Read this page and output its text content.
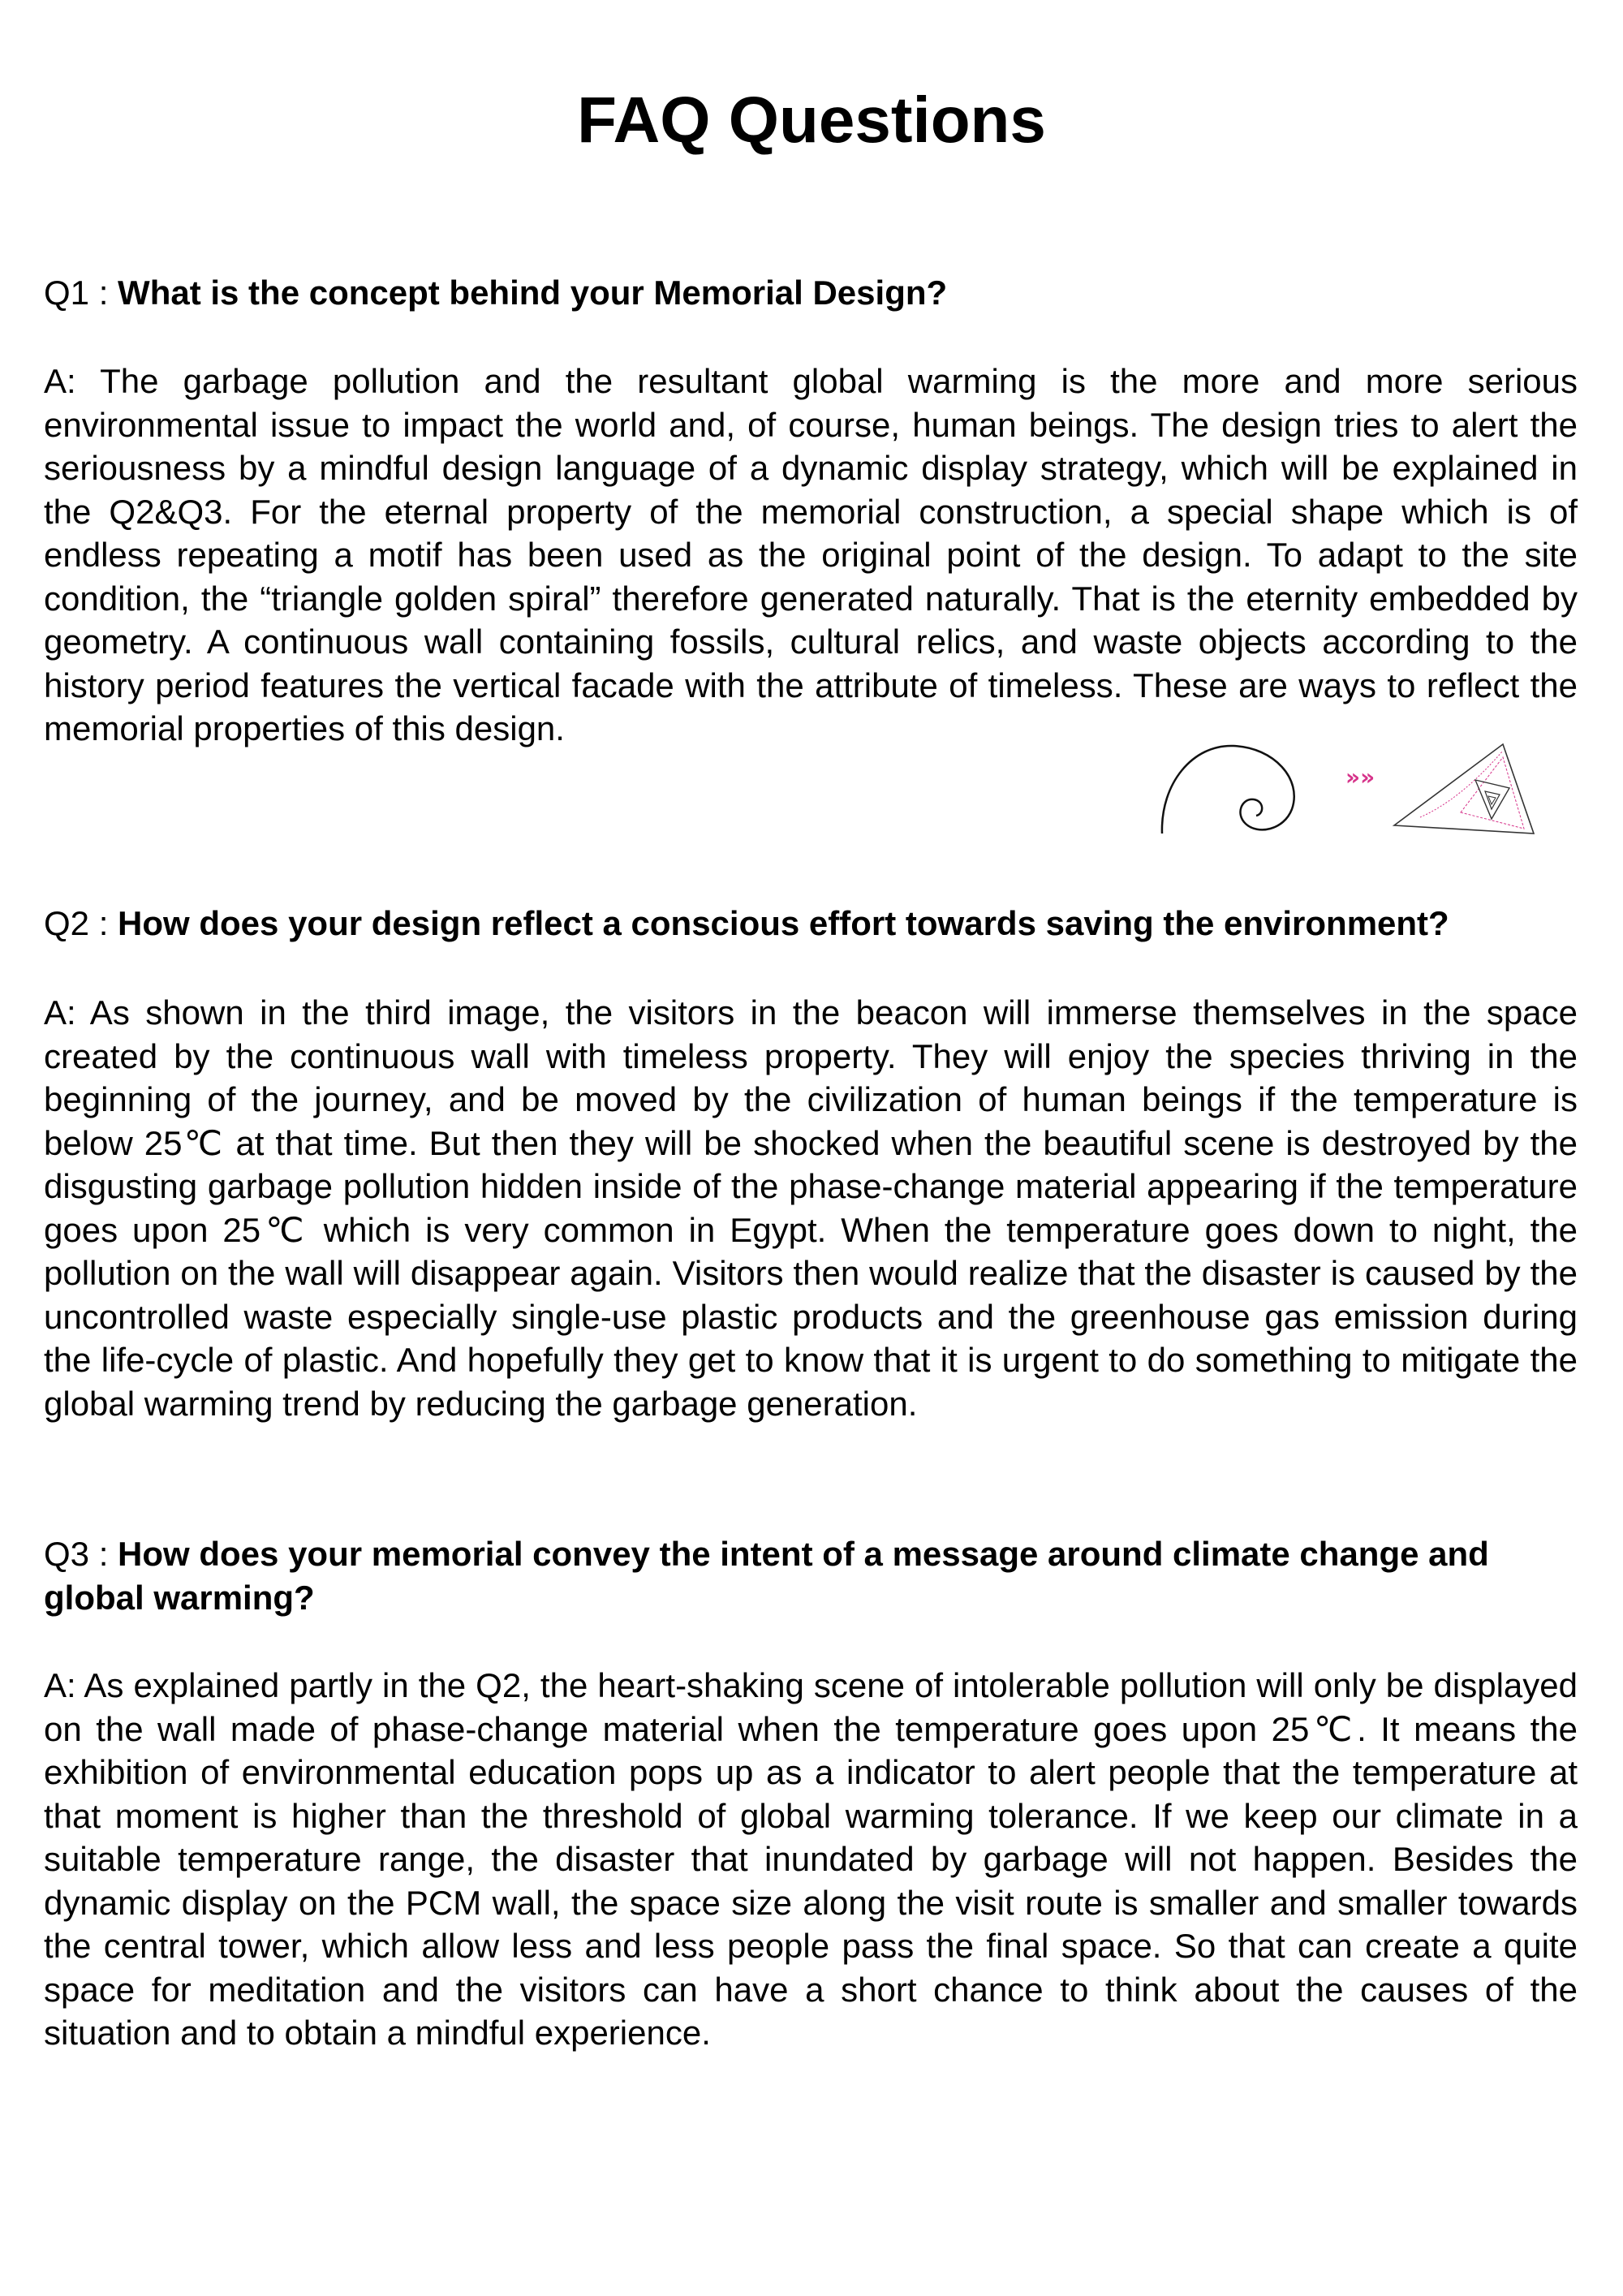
FAQ Questions

Q1 : What is the concept behind your Memorial Design?

A: The garbage pollution and the resultant global warming is the more and more serious environmental issue to impact the world and, of course, human beings. The design tries to alert the seriousness by a mindful design language of a dynamic display strategy, which will be explained in the Q2&Q3. For the eternal property of the memorial construction, a special shape which is of endless repeating a motif has been used as the original point of the design. To adapt to the site condition, the “triangle golden spiral” therefore generated naturally. That is the eternity embedded by geometry. A continuous wall containing fossils, cultural relics, and waste objects according to the history period features the vertical facade with the attribute of timeless. These are ways to reflect the memorial properties of this design.

»»

Q2 : How does your design reflect a conscious effort towards saving the environment?

A: As shown in the third image, the visitors in the beacon will immerse themselves in the space created by the continuous wall with timeless property. They will enjoy the species thriving in the beginning of the journey, and be moved by the civilization of human beings if the temperature is below 25℃ at that time. But then they will be shocked when the beautiful scene is destroyed by the disgusting garbage pollution hidden inside of the phase-change material appearing if the temperature goes upon 25℃ which is very common in Egypt. When the temperature goes down to night, the pollution on the wall will disappear again. Visitors then would realize that the disaster is caused by the uncontrolled waste especially single-use plastic products and the greenhouse gas emission during the life-cycle of plastic. And hopefully they get to know that it is urgent to do something to mitigate the global warming trend by reducing the garbage generation.

Q3 : How does your memorial convey the intent of a message around climate change and global warming?

A: As explained partly in the Q2, the heart-shaking scene of intolerable pollution will only be displayed on the wall made of phase-change material when the temperature goes upon 25℃. It means the exhibition of environmental education pops up as a indicator to alert people that the temperature at that moment is higher than the threshold of global warming tolerance. If we keep our climate in a suitable temperature range, the disaster that inundated by garbage will not happen. Besides the dynamic display on the PCM wall, the space size along the visit route is smaller and smaller towards the central tower, which allow less and less people pass the final space. So that can create a quite space for meditation and the visitors can have a short chance to think about the causes of the situation and to obtain a mindful experience.
